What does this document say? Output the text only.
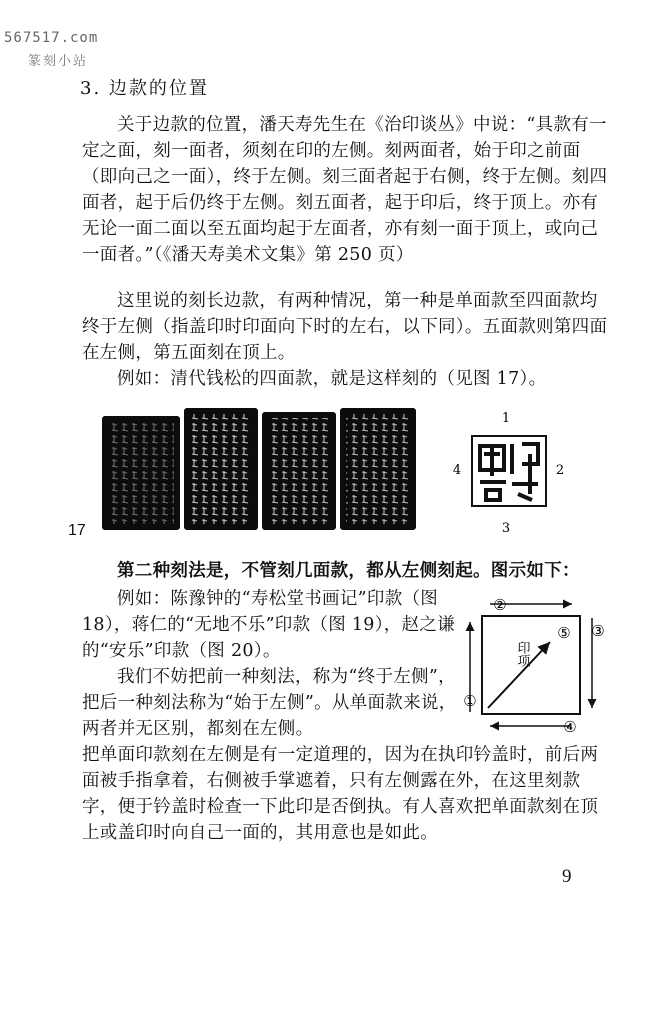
567517.com
篆刻小站
3. 边款的位置

关于边款的位置，潘天寿先生在《治印谈丛》中说：“具款有一定之面，刻一面者，须刻在印的左侧。刻两面者，始于印之前面（即向己之一面），终于左侧。刻三面者起于右侧，终于左侧。刻四面者，起于后仍终于左侧。刻五面者，起于印后，终于顶上。亦有无论一面二面以至五面均起于左面者，亦有刻一面于顶上，或向己一面者。”（《潘天寿美术文集》第 250 页）

这里说的刻长边款，有两种情况，第一种是单面款至四面款均终于左侧（指盖印时印面向下时的左右，以下同）。五面款则第四面在左侧，第五面刻在顶上。

例如：清代钱松的四面款，就是这样刻的（见图 17）。

1
2
3
4
17

第二种刻法是，不管刻几面款，都从左侧刻起。图示如下：

例如：陈豫钟的“寿松堂书画记”印款（图18），蒋仁的“无地不乐”印款（图 19），赵之谦的“安乐”印款（图 20）。

我们不妨把前一种刻法，称为“终于左侧”，把后一种刻法称为“始于左侧”。从单面款来说，两者并无区别，都刻在左侧。

把单面印款刻在左侧是有一定道理的，因为在执印钤盖时，前后两面被手指拿着，右侧被手掌遮着，只有左侧露在外，在这里刻款字，便于钤盖时检查一下此印是否倒执。有人喜欢把单面款刻在顶上或盖印时向自己一面的，其用意也是如此。

②
⑤ ③
①
④
印项
9
